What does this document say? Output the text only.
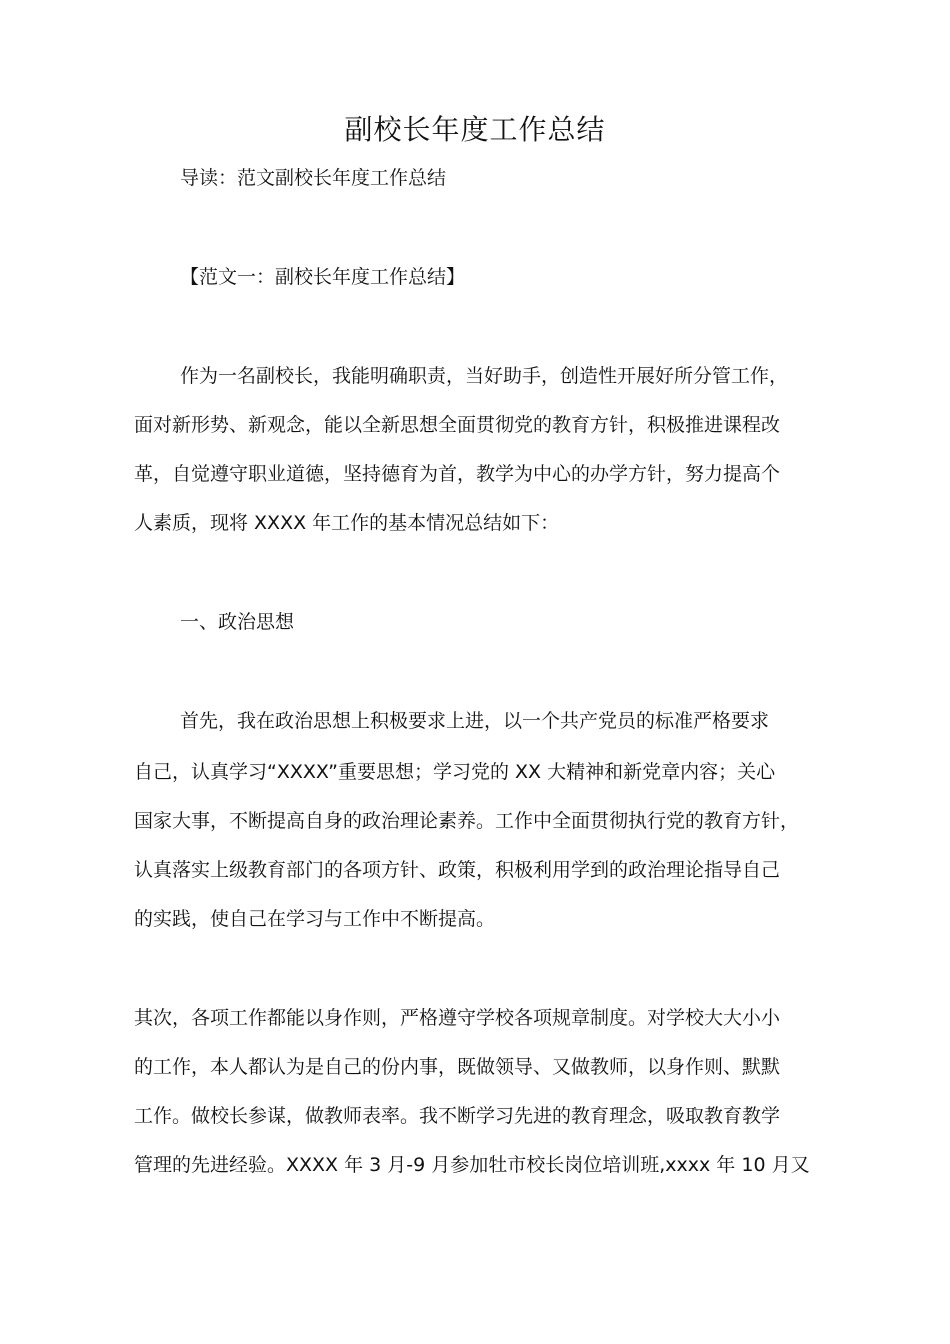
副校长年度工作总结
导读：范文副校长年度工作总结
【范文一：副校长年度工作总结】
作为一名副校长，我能明确职责，当好助手，创造性开展好所分管工作，
面对新形势、新观念，能以全新思想全面贯彻党的教育方针，积极推进课程改
革，自觉遵守职业道德，坚持德育为首，教学为中心的办学方针，努力提高个
人素质，现将 XXXX 年工作的基本情况总结如下：
一、政治思想
首先，我在政治思想上积极要求上进，以一个共产党员的标准严格要求
自己，认真学习“XXXX”重要思想；学习党的 XX 大精神和新党章内容；关心
国家大事，不断提高自身的政治理论素养。工作中全面贯彻执行党的教育方针，
认真落实上级教育部门的各项方针、政策，积极利用学到的政治理论指导自己
的实践，使自己在学习与工作中不断提高。
其次，各项工作都能以身作则，严格遵守学校各项规章制度。对学校大大小小
的工作，本人都认为是自己的份内事，既做领导、又做教师，以身作则、默默
工作。做校长参谋，做教师表率。我不断学习先进的教育理念，吸取教育教学
管理的先进经验。XXXX 年 3 月-9 月参加牡市校长岗位培训班,xxxx 年 10 月又
